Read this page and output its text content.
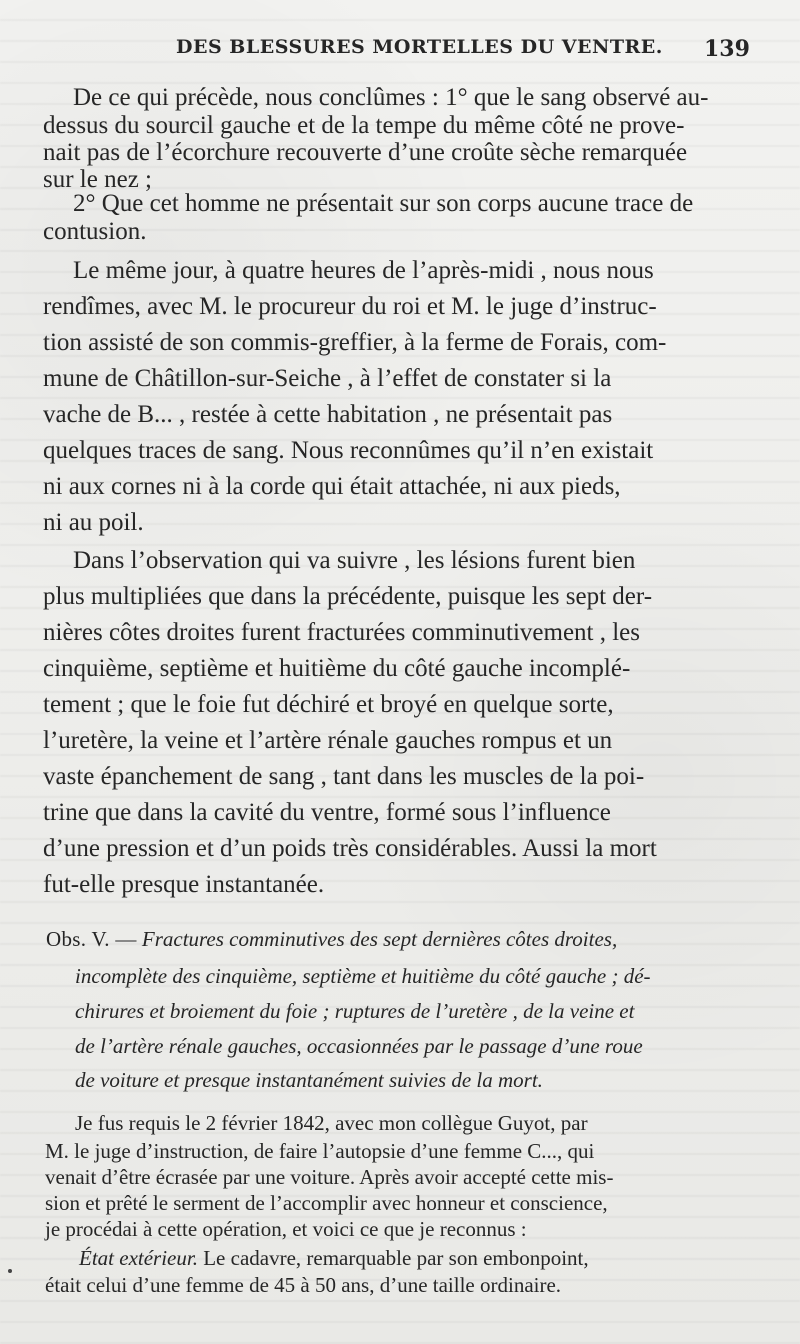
DES BLESSURES MORTELLES DU VENTRE. 139
De ce qui précède, nous conclûmes : 1° que le sang observé au-
dessus du sourcil gauche et de la tempe du même côté ne prove-
nait pas de l’écorchure recouverte d’une croûte sèche remarquée
sur le nez ;
2° Que cet homme ne présentait sur son corps aucune trace de
contusion.
Le même jour, à quatre heures de l’après-midi , nous nous
rendîmes, avec M. le procureur du roi et M. le juge d’instruc-
tion assisté de son commis-greffier, à la ferme de Forais, com-
mune de Châtillon-sur-Seiche , à l’effet de constater si la
vache de B... , restée à cette habitation , ne présentait pas
quelques traces de sang. Nous reconnûmes qu’il n’en existait
ni aux cornes ni à la corde qui était attachée, ni aux pieds,
ni au poil.
Dans l’observation qui va suivre , les lésions furent bien
plus multipliées que dans la précédente, puisque les sept der-
nières côtes droites furent fracturées comminutivement , les
cinquième, septième et huitième du côté gauche incomplé-
tement ; que le foie fut déchiré et broyé en quelque sorte,
l’uretère, la veine et l’artère rénale gauches rompus et un
vaste épanchement de sang , tant dans les muscles de la poi-
trine que dans la cavité du ventre, formé sous l’influence
d’une pression et d’un poids très considérables. Aussi la mort
fut-elle presque instantanée.
Obs. V. — Fractures comminutives des sept dernières côtes droites,
incomplète des cinquième, septième et huitième du côté gauche ; dé-
chirures et broiement du foie ; ruptures de l’uretère , de la veine et
de l’artère rénale gauches, occasionnées par le passage d’une roue
de voiture et presque instantanément suivies de la mort.
Je fus requis le 2 février 1842, avec mon collègue Guyot, par
M. le juge d’instruction, de faire l’autopsie d’une femme C..., qui
venait d’être écrasée par une voiture. Après avoir accepté cette mis-
sion et prêté le serment de l’accomplir avec honneur et conscience,
je procédai à cette opération, et voici ce que je reconnus :
État extérieur. Le cadavre, remarquable par son embonpoint,
était celui d’une femme de 45 à 50 ans, d’une taille ordinaire.
